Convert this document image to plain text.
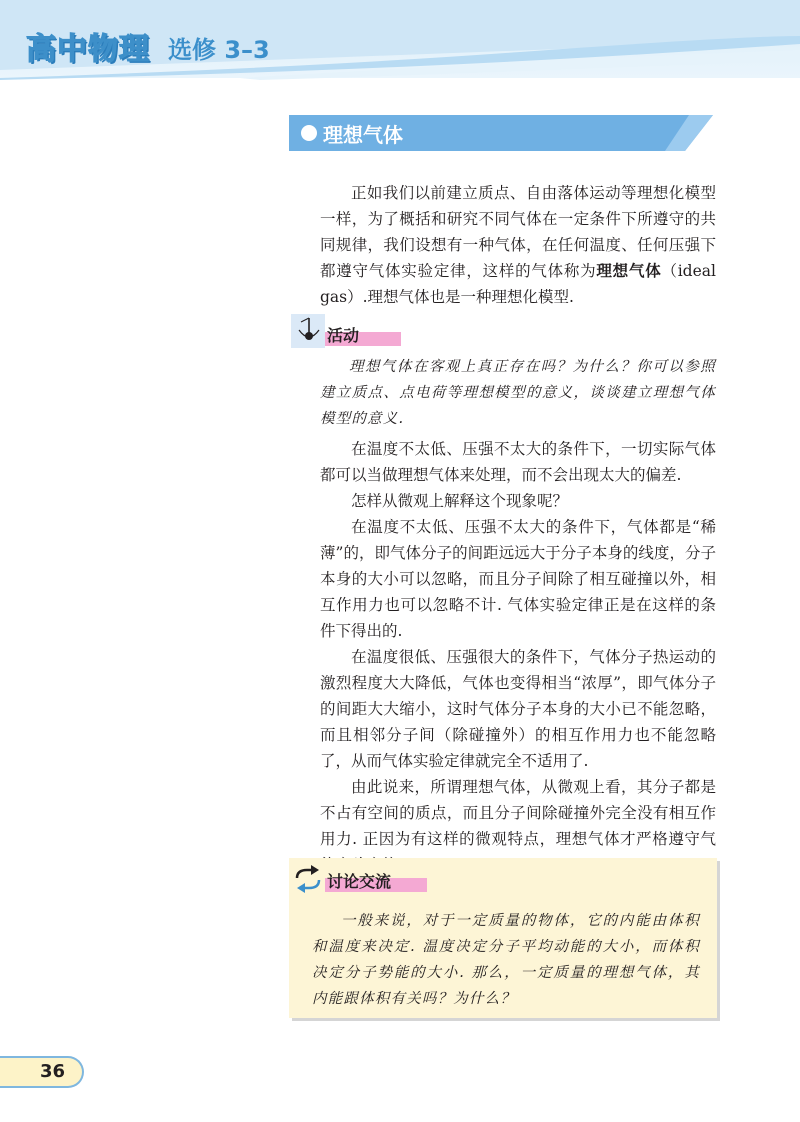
高中物理 选修 3–3
理想气体

正如我们以前建立质点、自由落体运动等理想化模型一样，为了概括和研究不同气体在一定条件下所遵守的共同规律，我们设想有一种气体，在任何温度、任何压强下都遵守气体实验定律，这样的气体称为理想气体（ideal gas）.理想气体也是一种理想化模型.

活动

理想气体在客观上真正存在吗？为什么？你可以参照建立质点、点电荷等理想模型的意义，谈谈建立理想气体模型的意义.

在温度不太低、压强不太大的条件下，一切实际气体都可以当做理想气体来处理，而不会出现太大的偏差.

怎样从微观上解释这个现象呢？

在温度不太低、压强不太大的条件下，气体都是“稀薄”的，即气体分子的间距远远大于分子本身的线度，分子本身的大小可以忽略，而且分子间除了相互碰撞以外，相互作用力也可以忽略不计. 气体实验定律正是在这样的条件下得出的.

在温度很低、压强很大的条件下，气体分子热运动的激烈程度大大降低，气体也变得相当“浓厚”，即气体分子的间距大大缩小，这时气体分子本身的大小已不能忽略，而且相邻分子间（除碰撞外）的相互作用力也不能忽略了，从而气体实验定律就完全不适用了.

由此说来，所谓理想气体，从微观上看，其分子都是不占有空间的质点，而且分子间除碰撞外完全没有相互作用力. 正因为有这样的微观特点，理想气体才严格遵守气

讨论交流

一般来说，对于一定质量的物体，它的内能由体积和温度来决定. 温度决定分子平均动能的大小，而体积决定分子势能的大小. 那么，一定质量的理想气体，其内能跟体积有关吗？为什么？

36
